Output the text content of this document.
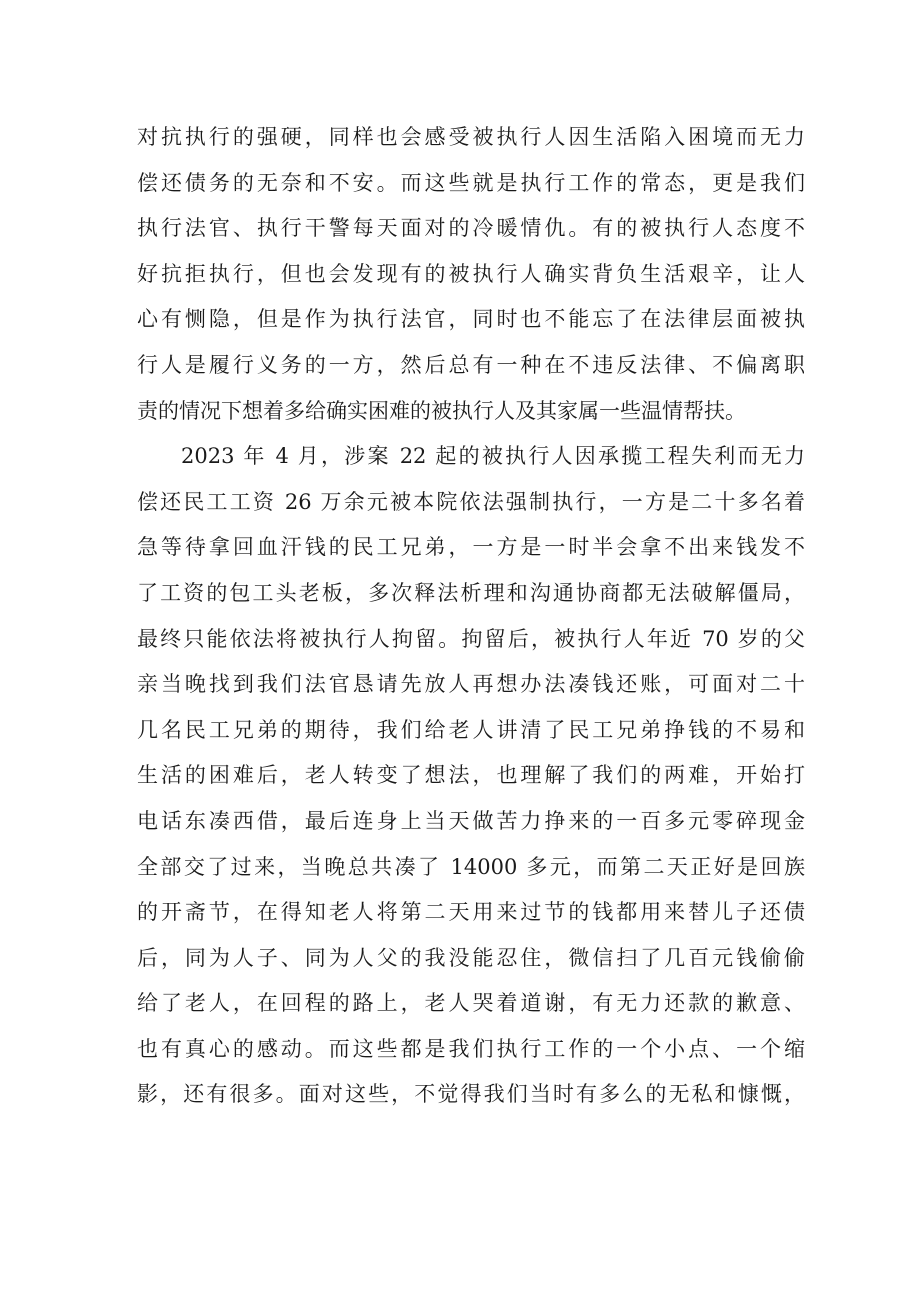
对抗执行的强硬，同样也会感受被执行人因生活陷入困境而无力
偿还债务的无奈和不安。而这些就是执行工作的常态，更是我们
执行法官、执行干警每天面对的冷暖情仇。有的被执行人态度不
好抗拒执行，但也会发现有的被执行人确实背负生活艰辛，让人
心有恻隐，但是作为执行法官，同时也不能忘了在法律层面被执
行人是履行义务的一方，然后总有一种在不违反法律、不偏离职
责的情况下想着多给确实困难的被执行人及其家属一些温情帮扶。
2023 年 4 月，涉案 22 起的被执行人因承揽工程失利而无力
偿还民工工资 26 万余元被本院依法强制执行，一方是二十多名着
急等待拿回血汗钱的民工兄弟，一方是一时半会拿不出来钱发不
了工资的包工头老板，多次释法析理和沟通协商都无法破解僵局，
最终只能依法将被执行人拘留。拘留后，被执行人年近 70 岁的父
亲当晚找到我们法官恳请先放人再想办法凑钱还账，可面对二十
几名民工兄弟的期待，我们给老人讲清了民工兄弟挣钱的不易和
生活的困难后，老人转变了想法，也理解了我们的两难，开始打
电话东凑西借，最后连身上当天做苦力挣来的一百多元零碎现金
全部交了过来，当晚总共凑了 14000 多元，而第二天正好是回族
的开斋节，在得知老人将第二天用来过节的钱都用来替儿子还债
后，同为人子、同为人父的我没能忍住，微信扫了几百元钱偷偷
给了老人，在回程的路上，老人哭着道谢，有无力还款的歉意、
也有真心的感动。而这些都是我们执行工作的一个小点、一个缩
影，还有很多。面对这些，不觉得我们当时有多么的无私和慷慨，
